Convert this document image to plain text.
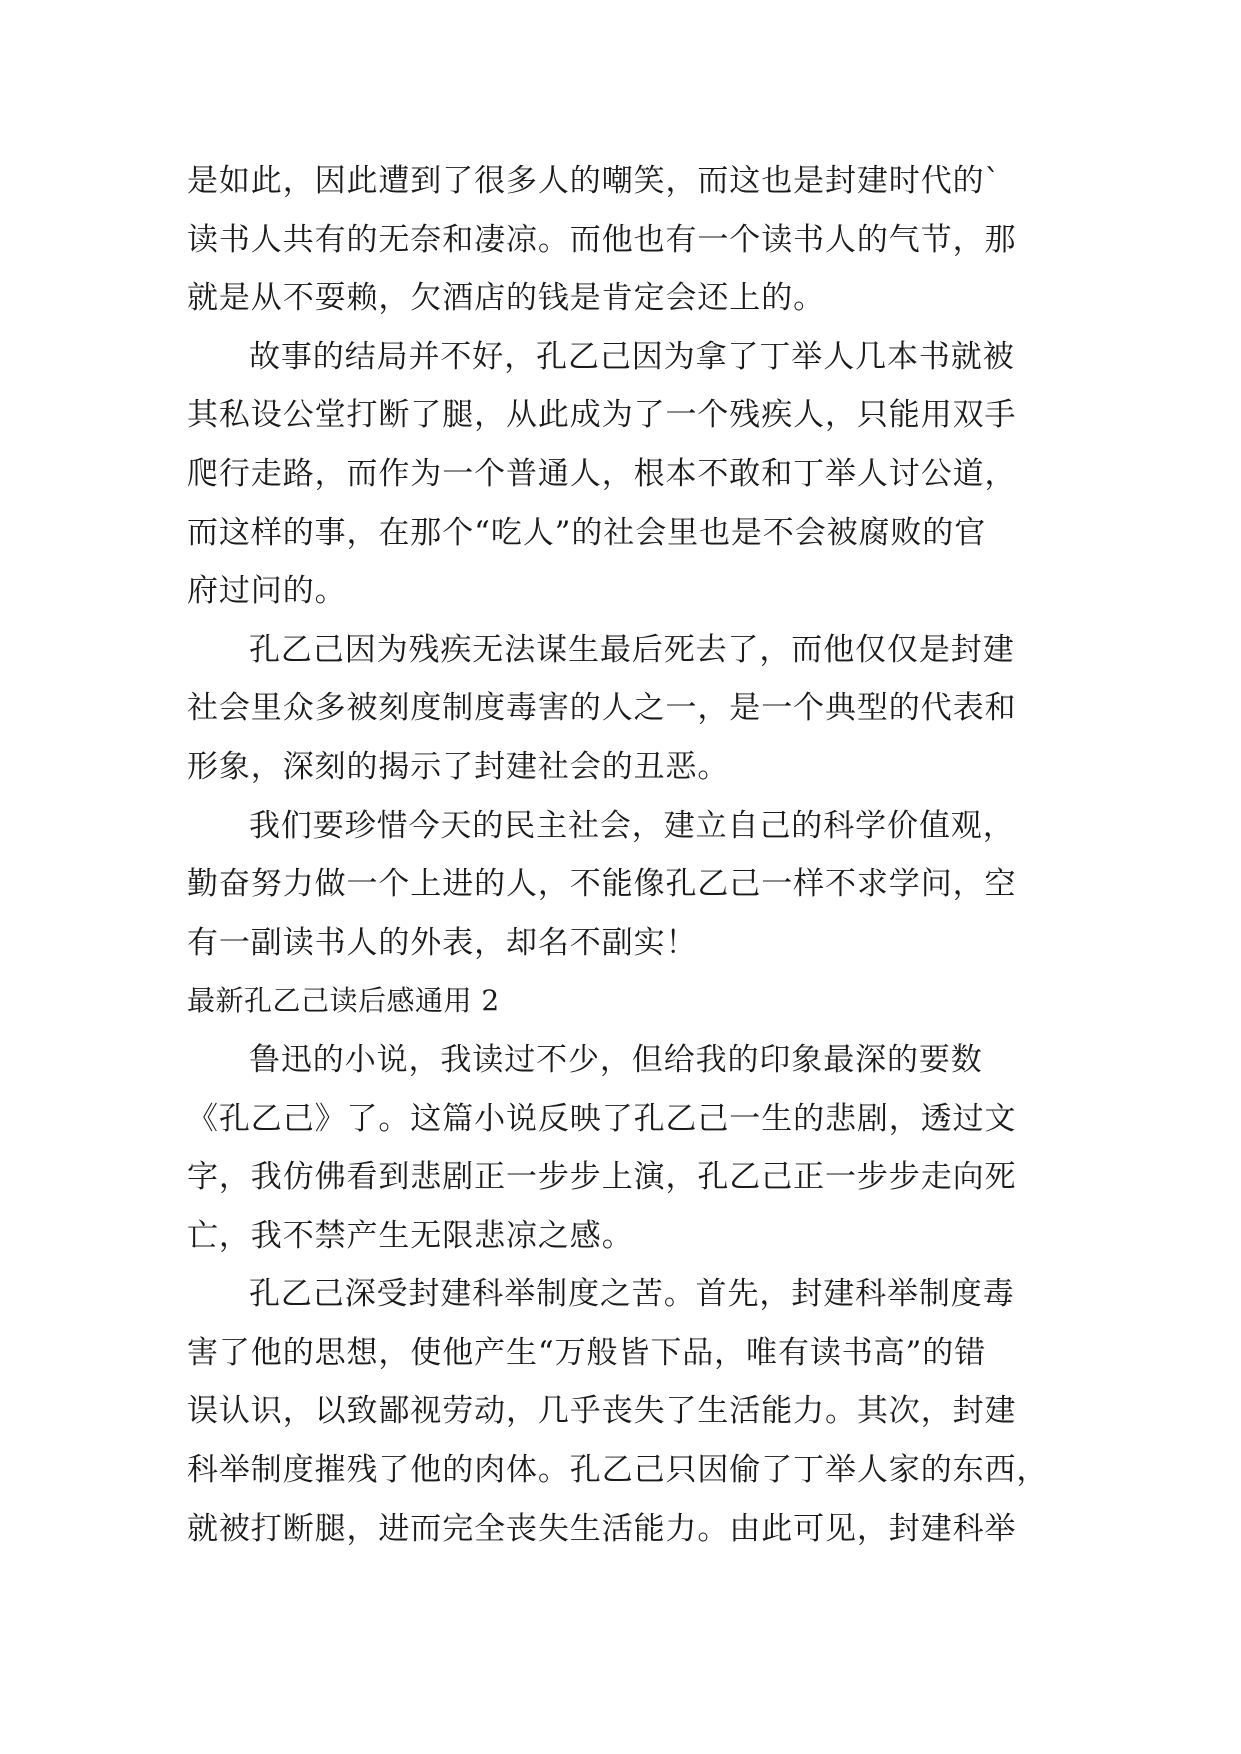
是如此，因此遭到了很多人的嘲笑，而这也是封建时代的`
读书人共有的无奈和凄凉。而他也有一个读书人的气节，那
就是从不耍赖，欠酒店的钱是肯定会还上的。
故事的结局并不好，孔乙己因为拿了丁举人几本书就被
其私设公堂打断了腿，从此成为了一个残疾人，只能用双手
爬行走路，而作为一个普通人，根本不敢和丁举人讨公道，
而这样的事，在那个“吃人”的社会里也是不会被腐败的官
府过问的。
孔乙己因为残疾无法谋生最后死去了，而他仅仅是封建
社会里众多被刻度制度毒害的人之一，是一个典型的代表和
形象，深刻的揭示了封建社会的丑恶。
我们要珍惜今天的民主社会，建立自己的科学价值观，
勤奋努力做一个上进的人，不能像孔乙己一样不求学问，空
有一副读书人的外表，却名不副实！
最新孔乙己读后感通用 2
鲁迅的小说，我读过不少，但给我的印象最深的要数
《孔乙己》了。这篇小说反映了孔乙己一生的悲剧，透过文
字，我仿佛看到悲剧正一步步上演，孔乙己正一步步走向死
亡，我不禁产生无限悲凉之感。
孔乙己深受封建科举制度之苦。首先，封建科举制度毒
害了他的思想，使他产生“万般皆下品，唯有读书高”的错
误认识，以致鄙视劳动，几乎丧失了生活能力。其次，封建
科举制度摧残了他的肉体。孔乙己只因偷了丁举人家的东西，
就被打断腿，进而完全丧失生活能力。由此可见，封建科举
